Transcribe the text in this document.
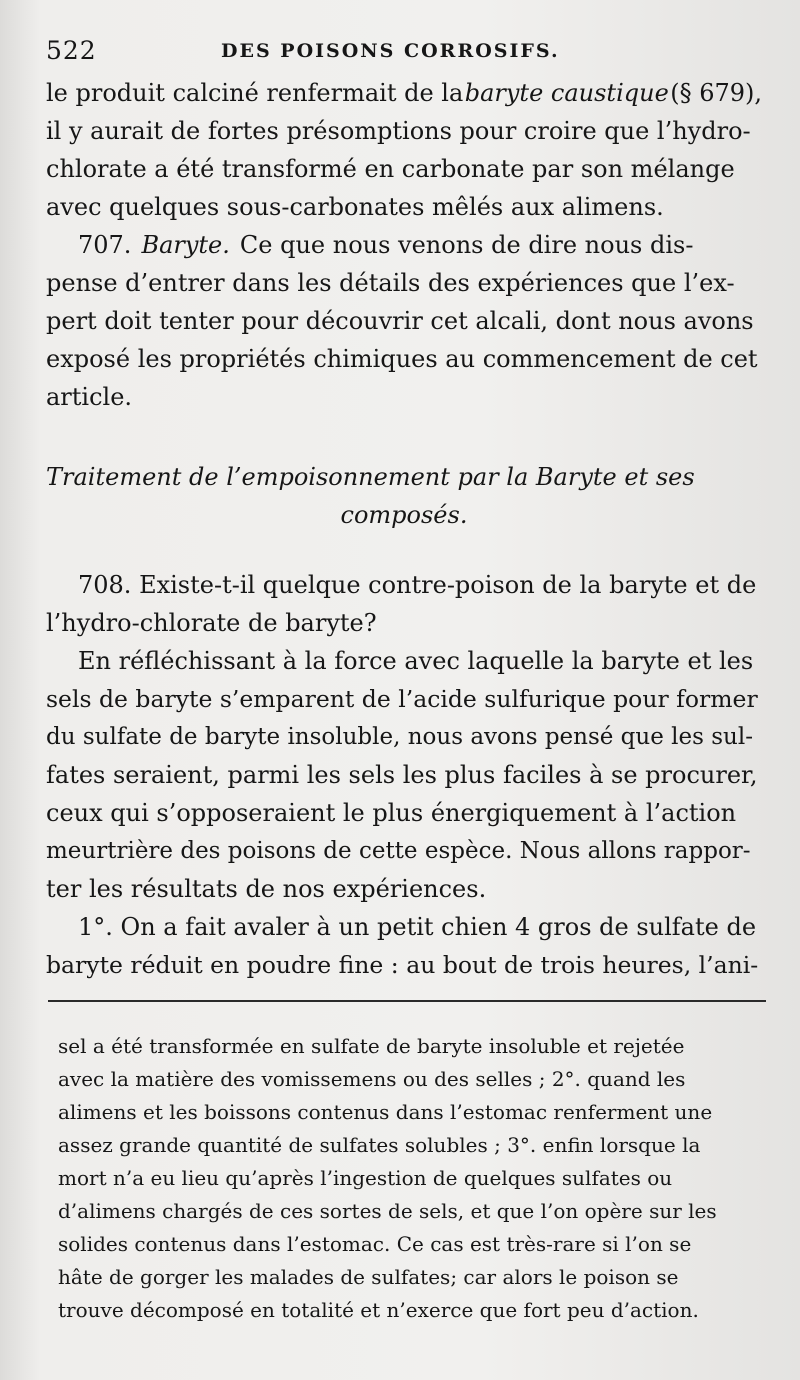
522	DES POISONS CORROSIFS.
le produit calciné renfermait de la baryte caustique (§ 679),
il y aurait de fortes présomptions pour croire que l’hydro-
chlorate a été transformé en carbonate par son mélange
avec quelques sous-carbonates mêlés aux alimens.
707. Baryte. Ce que nous venons de dire nous dis-
pense d’entrer dans les détails des expériences que l’ex-
pert doit tenter pour découvrir cet alcali, dont nous avons
exposé les propriétés chimiques au commencement de cet
article.
Traitement de l’empoisonnement par la Baryte et ses
composés.
708. Existe-t-il quelque contre-poison de la baryte et de
l’hydro-chlorate de baryte?
En réfléchissant à la force avec laquelle la baryte et les
sels de baryte s’emparent de l’acide sulfurique pour former
du sulfate de baryte insoluble, nous avons pensé que les sul-
fates seraient, parmi les sels les plus faciles à se procurer,
ceux qui s’opposeraient le plus énergiquement à l’action
meurtrière des poisons de cette espèce. Nous allons rappor-
ter les résultats de nos expériences.
1°. On a fait avaler à un petit chien 4 gros de sulfate de
baryte réduit en poudre fine : au bout de trois heures, l’ani-
sel a été transformée en sulfate de baryte insoluble et rejetée
avec la matière des vomissemens ou des selles ; 2°. quand les
alimens et les boissons contenus dans l’estomac renferment une
assez grande quantité de sulfates solubles ; 3°. enfin lorsque la
mort n’a eu lieu qu’après l’ingestion de quelques sulfates ou
d’alimens chargés de ces sortes de sels, et que l’on opère sur les
solides contenus dans l’estomac. Ce cas est très-rare si l’on se
hâte de gorger les malades de sulfates; car alors le poison se
trouve décomposé en totalité et n’exerce que fort peu d’action.
